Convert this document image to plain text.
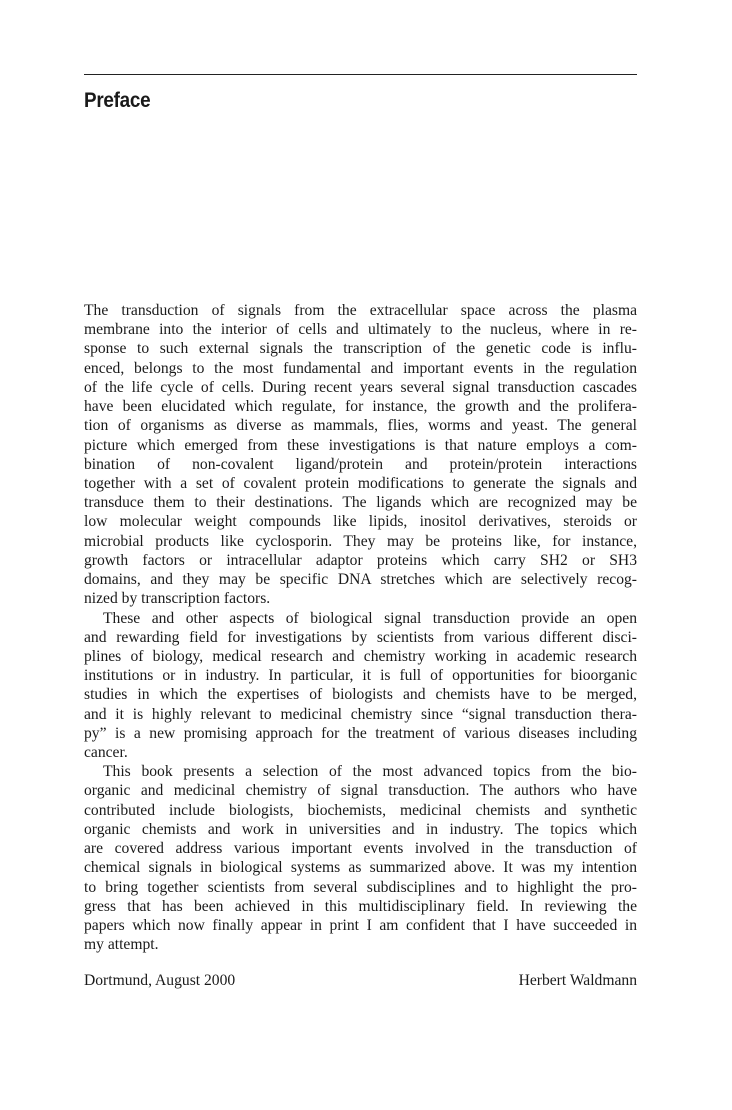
Preface
The transduction of signals from the extracellular space across the plasma
membrane into the interior of cells and ultimately to the nucleus, where in re-
sponse to such external signals the transcription of the genetic code is influ-
enced, belongs to the most fundamental and important events in the regulation
of the life cycle of cells. During recent years several signal transduction cascades
have been elucidated which regulate, for instance, the growth and the prolifera-
tion of organisms as diverse as mammals, flies, worms and yeast. The general
picture which emerged from these investigations is that nature employs a com-
bination of non-covalent ligand/protein and protein/protein interactions
together with a set of covalent protein modifications to generate the signals and
transduce them to their destinations. The ligands which are recognized may be
low molecular weight compounds like lipids, inositol derivatives, steroids or
microbial products like cyclosporin. They may be proteins like, for instance,
growth factors or intracellular adaptor proteins which carry SH2 or SH3
domains, and they may be specific DNA stretches which are selectively recog-
nized by transcription factors.
These and other aspects of biological signal transduction provide an open
and rewarding field for investigations by scientists from various different disci-
plines of biology, medical research and chemistry working in academic research
institutions or in industry. In particular, it is full of opportunities for bioorganic
studies in which the expertises of biologists and chemists have to be merged,
and it is highly relevant to medicinal chemistry since “signal transduction thera-
py” is a new promising approach for the treatment of various diseases including
cancer.
This book presents a selection of the most advanced topics from the bio-
organic and medicinal chemistry of signal transduction. The authors who have
contributed include biologists, biochemists, medicinal chemists and synthetic
organic chemists and work in universities and in industry. The topics which
are covered address various important events involved in the transduction of
chemical signals in biological systems as summarized above. It was my intention
to bring together scientists from several subdisciplines and to highlight the pro-
gress that has been achieved in this multidisciplinary field. In reviewing the
papers which now finally appear in print I am confident that I have succeeded in
my attempt.
Dortmund, August 2000	Herbert Waldmann
